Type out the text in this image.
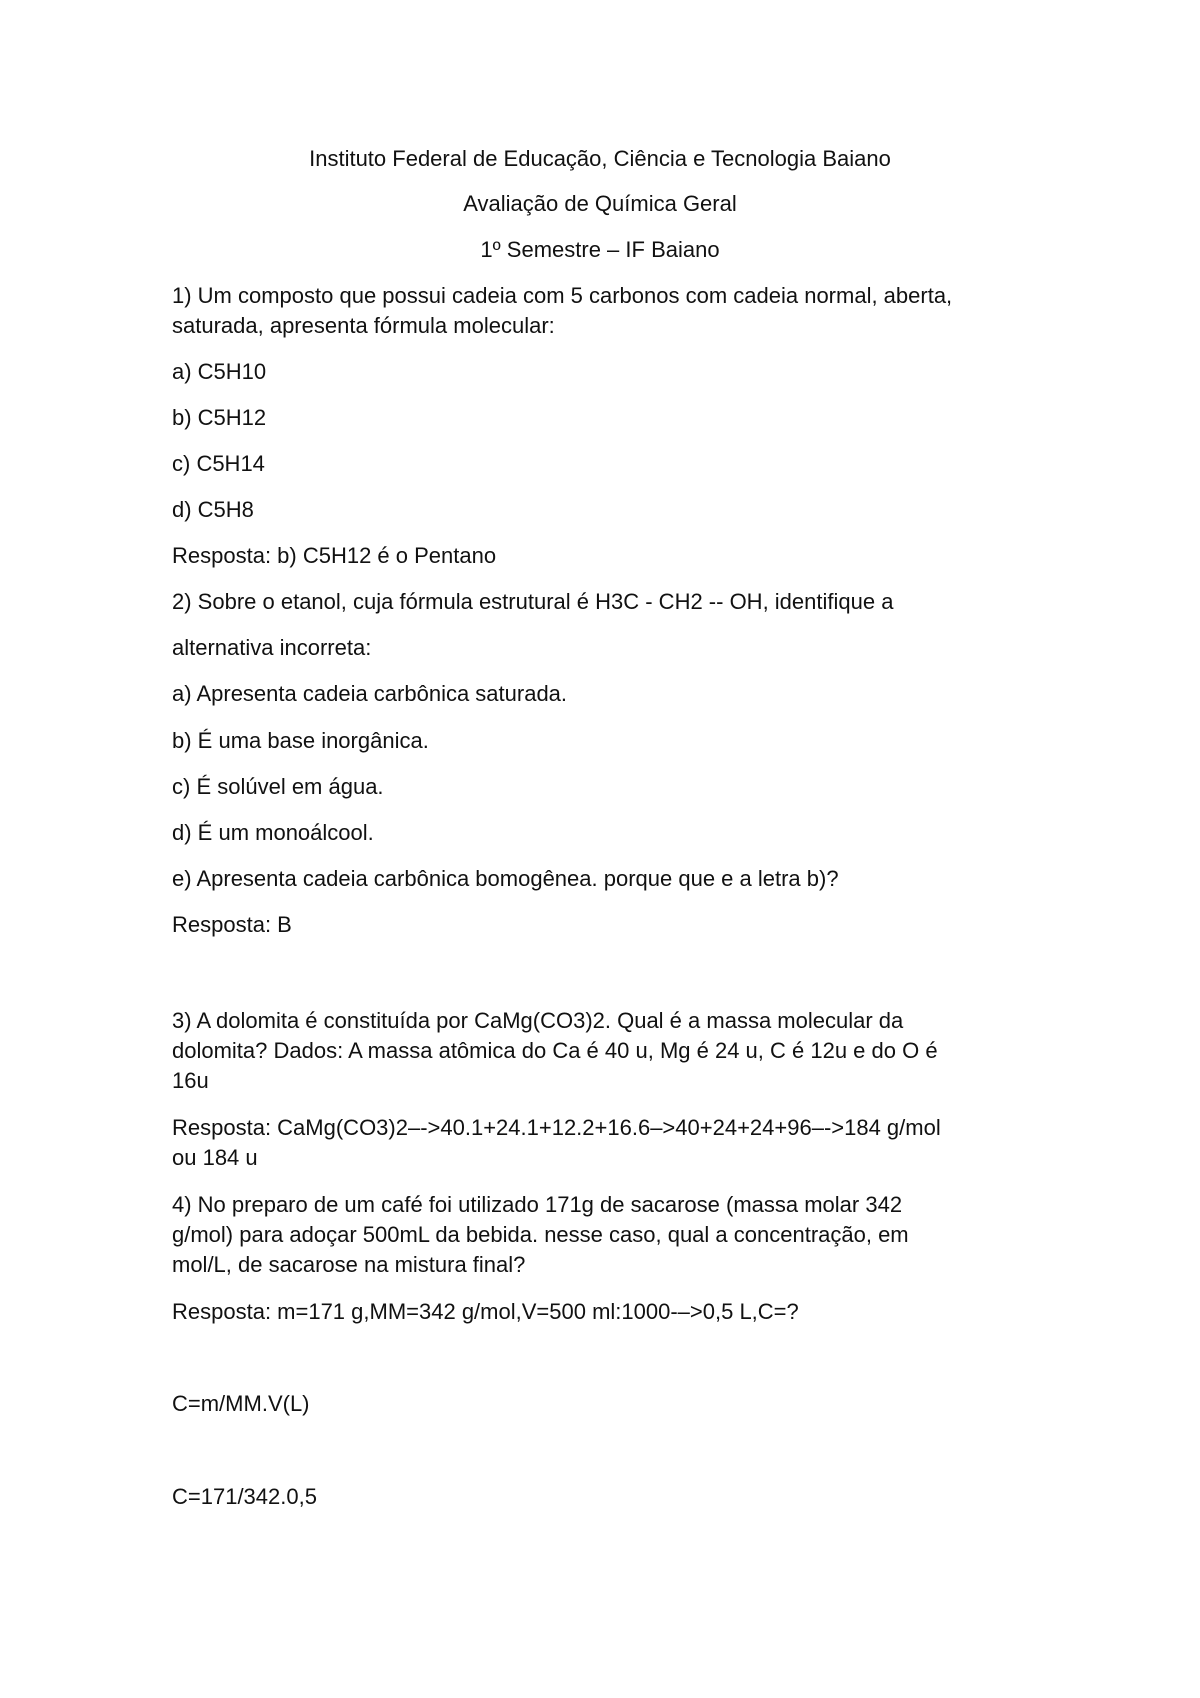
Instituto Federal de Educação, Ciência e Tecnologia Baiano
Avaliação de Química Geral
1º Semestre – IF Baiano
1) Um composto que possui cadeia com 5 carbonos com cadeia normal, aberta,
saturada, apresenta fórmula molecular:
a) C5H10
b) C5H12
c) C5H14
d) C5H8
Resposta: b) C5H12 é o Pentano
2) Sobre o etanol, cuja fórmula estrutural é H3C - CH2 -- OH, identifique a
alternativa incorreta:
a) Apresenta cadeia carbônica saturada.
b) É uma base inorgânica.
c) É solúvel em água.
d) É um monoálcool.
e) Apresenta cadeia carbônica bomogênea. porque que e a letra b)?
Resposta: B
3) A dolomita é constituída por CaMg(CO3)2. Qual é a massa molecular da
dolomita? Dados: A massa atômica do Ca é 40 u, Mg é 24 u, C é 12u e do O é
16u
Resposta: CaMg(CO3)2–->40.1+24.1+12.2+16.6–>40+24+24+96–->184 g/mol
ou 184 u
4) No preparo de um café foi utilizado 171g de sacarose (massa molar 342
g/mol) para adoçar 500mL da bebida. nesse caso, qual a concentração, em
mol/L, de sacarose na mistura final?
Resposta: m=171 g,MM=342 g/mol,V=500 ml:1000-–>0,5 L,C=?
C=m/MM.V(L)
C=171/342.0,5
